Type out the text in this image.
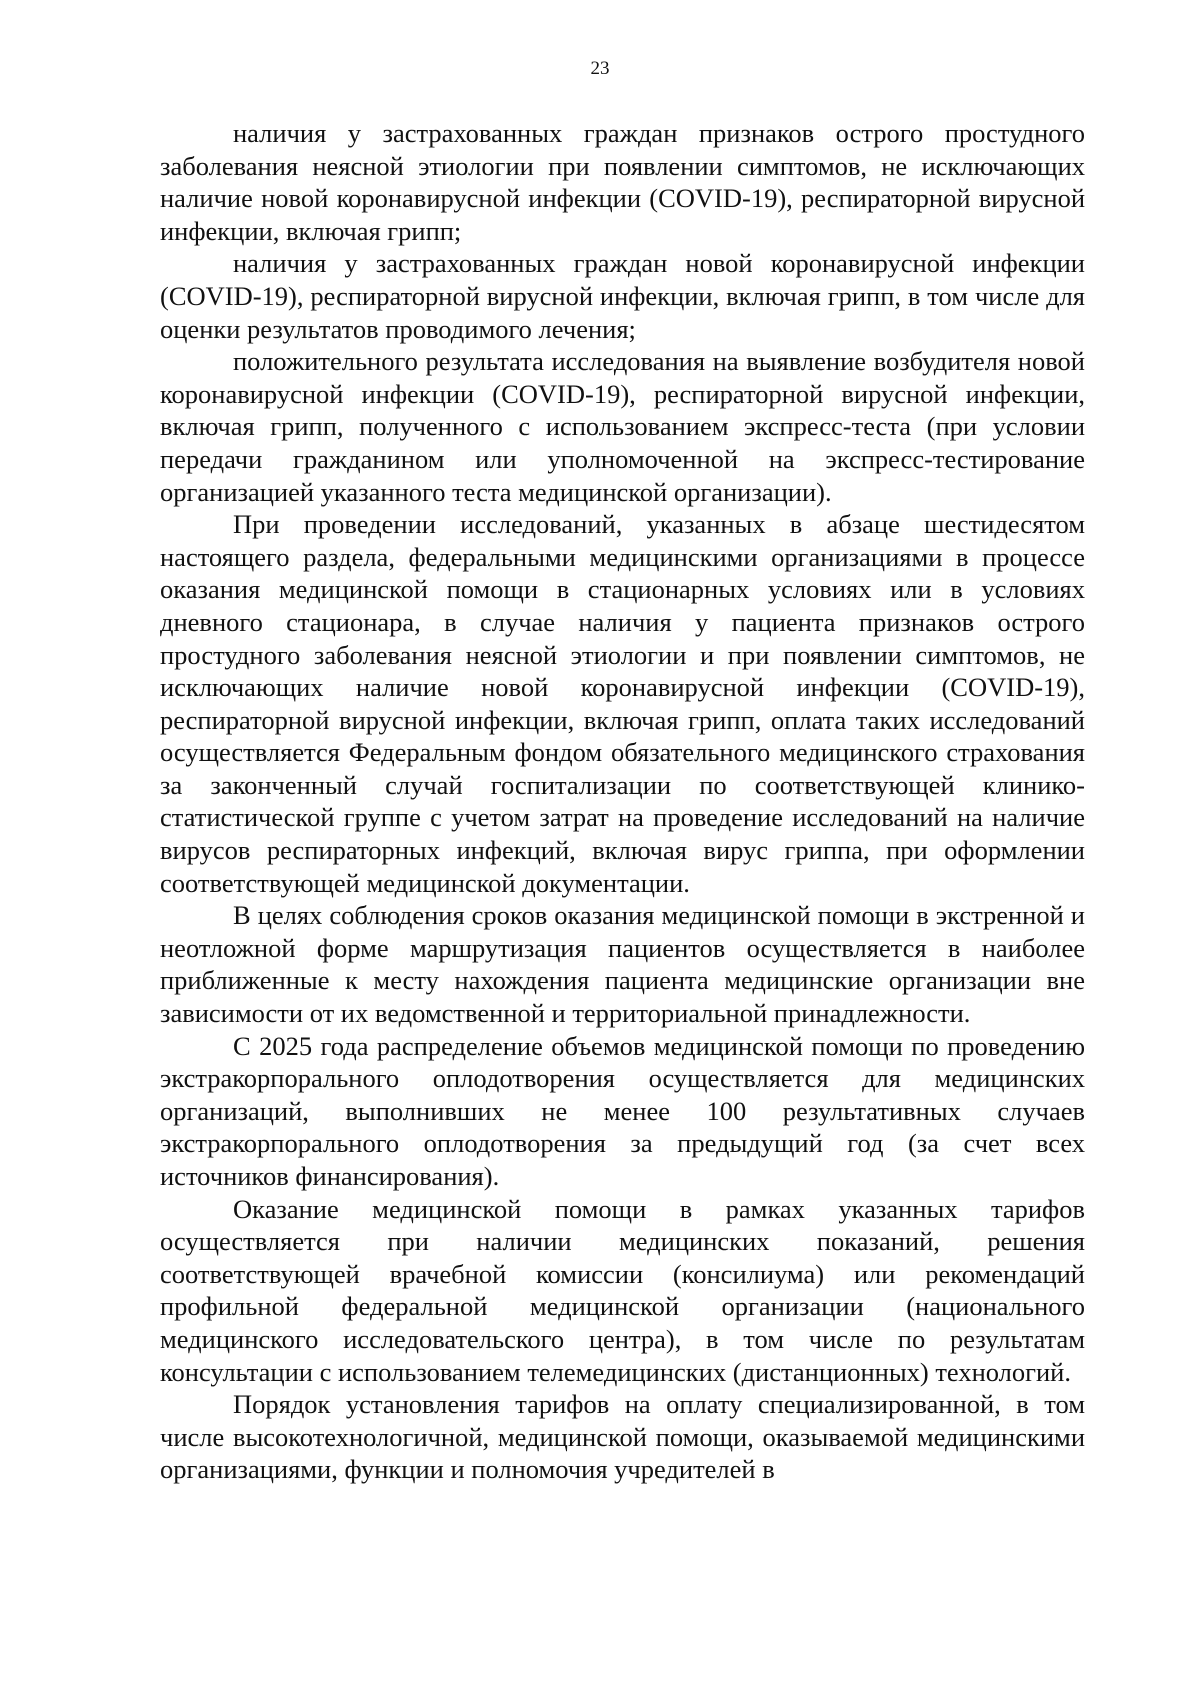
23

наличия у застрахованных граждан признаков острого простудного заболевания неясной этиологии при появлении симптомов, не исключающих наличие новой коронавирусной инфекции (COVID-19), респираторной вирусной инфекции, включая грипп;

наличия у застрахованных граждан новой коронавирусной инфекции (COVID-19), респираторной вирусной инфекции, включая грипп, в том числе для оценки результатов проводимого лечения;

положительного результата исследования на выявление возбудителя новой коронавирусной инфекции (COVID-19), респираторной вирусной инфекции, включая грипп, полученного с использованием экспресс-теста (при условии передачи гражданином или уполномоченной на экспресс-тестирование организацией указанного теста медицинской организации).

При проведении исследований, указанных в абзаце шестидесятом настоящего раздела, федеральными медицинскими организациями в процессе оказания медицинской помощи в стационарных условиях или в условиях дневного стационара, в случае наличия у пациента признаков острого простудного заболевания неясной этиологии и при появлении симптомов, не исключающих наличие новой коронавирусной инфекции (COVID-19), респираторной вирусной инфекции, включая грипп, оплата таких исследований осуществляется Федеральным фондом обязательного медицинского страхования за законченный случай госпитализации по соответствующей клинико-статистической группе с учетом затрат на проведение исследований на наличие вирусов респираторных инфекций, включая вирус гриппа, при оформлении соответствующей медицинской документации.

В целях соблюдения сроков оказания медицинской помощи в экстренной и неотложной форме маршрутизация пациентов осуществляется в наиболее приближенные к месту нахождения пациента медицинские организации вне зависимости от их ведомственной и территориальной принадлежности.

С 2025 года распределение объемов медицинской помощи по проведению экстракорпорального оплодотворения осуществляется для медицинских организаций, выполнивших не менее 100 результативных случаев экстракорпорального оплодотворения за предыдущий год (за счет всех источников финансирования).

Оказание медицинской помощи в рамках указанных тарифов осуществляется при наличии медицинских показаний, решения соответствующей врачебной комиссии (консилиума) или рекомендаций профильной федеральной медицинской организации (национального медицинского исследовательского центра), в том числе по результатам консультации с использованием телемедицинских (дистанционных) технологий.

Порядок установления тарифов на оплату специализированной, в том числе высокотехнологичной, медицинской помощи, оказываемой медицинскими организациями, функции и полномочия учредителей в
